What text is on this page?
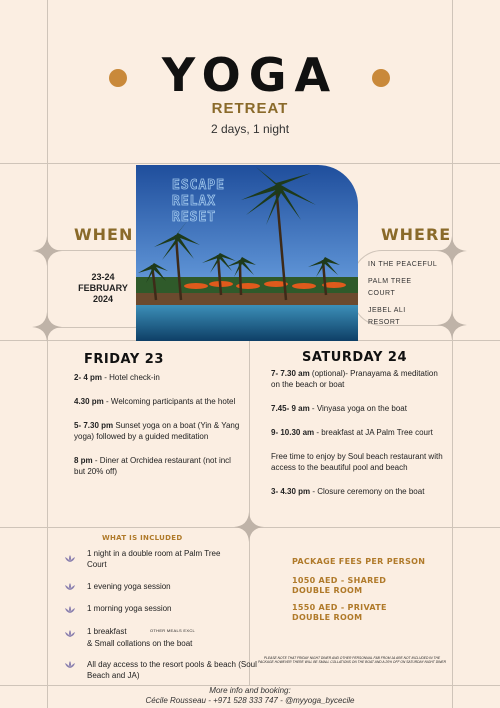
YOGA
RETREAT
2 days, 1 night
WHEN
23-24
FEBRUARY
2024
ESCAPE
RELAX
RESET
WHERE
IN THE PEACEFUL
PALM TREE
COURT
JEBEL ALI
RESORT
FRIDAY 23

2- 4 pm - Hotel check-in

4.30 pm - Welcoming participants at the hotel

5- 7.30 pm Sunset yoga on a boat (Yin & Yang yoga) followed by a guided meditation

8 pm - Diner at Orchidea restaurant (not incl but 20% off)

SATURDAY 24

7- 7.30 am (optional)- Pranayama & meditation on the beach or boat

7.45- 9 am - Vinyasa yoga on the boat

9- 10.30 am - breakfast at JA Palm Tree court

Free time to enjoy by Soul beach restaurant with access to the beautiful pool and beach

3- 4.30 pm - Closure ceremony on the boat

WHAT IS INCLUDED
1 night in a double room at Palm Tree Court
1 evening yoga session
1 morning yoga session
1 breakfast	OTHER MEALS EXCL
& Small collations on the boat
All day access to the resort pools & beach (Soul Beach and JA)
PACKAGE FEES PER PERSON
1050 AED - SHARED DOUBLE ROOM
1550 AED - PRIVATE DOUBLE ROOM
PLEASE NOTE THAT FRIDAY NIGHT DINER AND OTHER PERSONNAL F&B FROM JA ARE NOT INCLUDED IN THE PACKAGE HOWEVER THERE WILL BE SMALL COLLATIONS ON THE BOAT AND A 20% OFF ON SATURDAY NIGHT DINER
More info and booking:
Cécile Rousseau - +971 528 333 747 - @myyoga_bycecile
